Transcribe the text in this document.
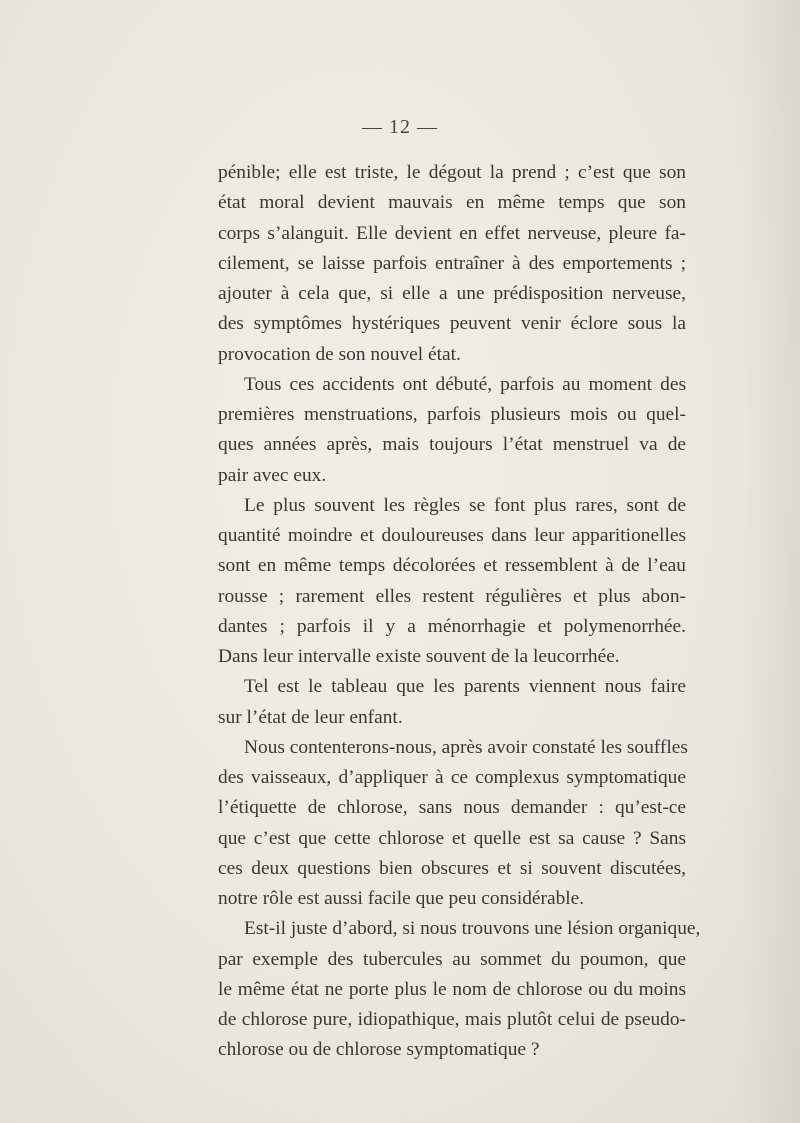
— 12 —
pénible; elle est triste, le dégout la prend ; c’est que son
état moral devient mauvais en même temps que son
corps s’alanguit. Elle devient en effet nerveuse, pleure fa-
cilement, se laisse parfois entraîner à des emportements ;
ajouter à cela que, si elle a une prédisposition nerveuse,
des symptômes hystériques peuvent venir éclore sous la
provocation de son nouvel état.
Tous ces accidents ont débuté, parfois au moment des
premières menstruations, parfois plusieurs mois ou quel-
ques années après, mais toujours l’état menstruel va de
pair avec eux.
Le plus souvent les règles se font plus rares, sont de
quantité moindre et douloureuses dans leur apparitionelles
sont en même temps décolorées et ressemblent à de l’eau
rousse ; rarement elles restent régulières et plus abon-
dantes ; parfois il y a ménorrhagie et polymenorrhée.
Dans leur intervalle existe souvent de la leucorrhée.
Tel est le tableau que les parents viennent nous faire
sur l’état de leur enfant.
Nous contenterons-nous, après avoir constaté les souffles
des vaisseaux, d’appliquer à ce complexus symptomatique
l’étiquette de chlorose, sans nous demander : qu’est-ce
que c’est que cette chlorose et quelle est sa cause ? Sans
ces deux questions bien obscures et si souvent discutées,
notre rôle est aussi facile que peu considérable.
Est-il juste d’abord, si nous trouvons une lésion organique,
par exemple des tubercules au sommet du poumon, que
le même état ne porte plus le nom de chlorose ou du moins
de chlorose pure, idiopathique, mais plutôt celui de pseudo-
chlorose ou de chlorose symptomatique ?
